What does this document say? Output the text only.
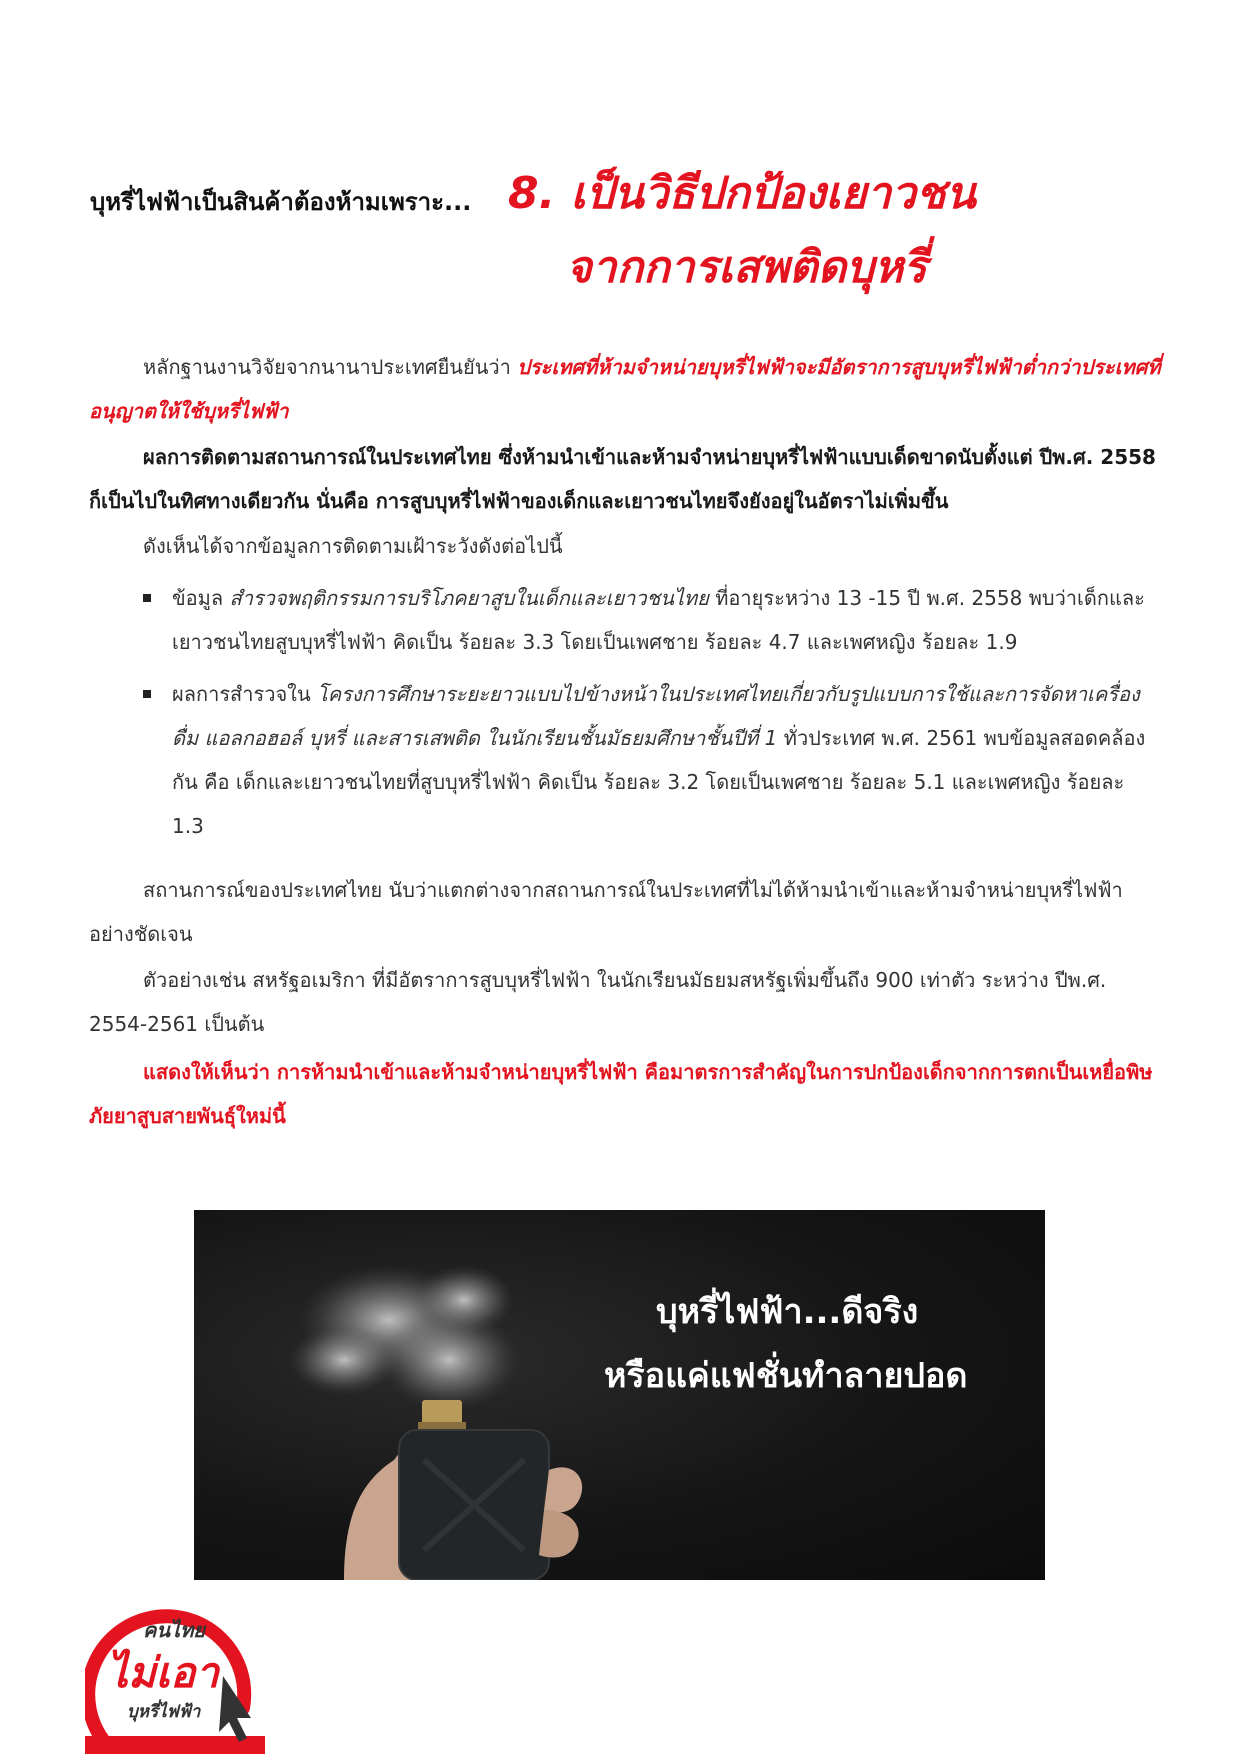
บุหรี่ไฟฟ้าเป็นสินค้าต้องห้ามเพราะ... 8. เป็นวิธีปกป้องเยาวชน
จากการเสพติดบุหรี่

หลักฐานงานวิจัยจากนานาประเทศยืนยันว่า ประเทศที่ห้ามจำหน่ายบุหรี่ไฟฟ้าจะมีอัตราการสูบบุหรี่ไฟฟ้าต่ำกว่าประเทศที่อนุญาตให้ใช้บุหรี่ไฟฟ้า

ผลการติดตามสถานการณ์ในประเทศไทย ซึ่งห้ามนำเข้าและห้ามจำหน่ายบุหรี่ไฟฟ้าแบบเด็ดขาดนับตั้งแต่ ปีพ.ศ. 2558 ก็เป็นไปในทิศทางเดียวกัน นั่นคือ การสูบบุหรี่ไฟฟ้าของเด็กและเยาวชนไทยจึงยังอยู่ในอัตราไม่เพิ่มขึ้น

ดังเห็นได้จากข้อมูลการติดตามเฝ้าระวังดังต่อไปนี้

ข้อมูล สำรวจพฤติกรรมการบริโภคยาสูบในเด็กและเยาวชนไทย ที่อายุระหว่าง 13 -15 ปี พ.ศ. 2558 พบว่าเด็กและเยาวชนไทยสูบบุหรี่ไฟฟ้า คิดเป็น ร้อยละ 3.3 โดยเป็นเพศชาย ร้อยละ 4.7 และเพศหญิง ร้อยละ 1.9
ผลการสำรวจใน โครงการศึกษาระยะยาวแบบไปข้างหน้าในประเทศไทยเกี่ยวกับรูปแบบการใช้และการจัดหาเครื่องดื่ม แอลกอฮอล์ บุหรี่ และสารเสพติด ในนักเรียนชั้นมัธยมศึกษาชั้นปีที่ 1 ทั่วประเทศ พ.ศ. 2561 พบข้อมูลสอดคล้องกัน คือ เด็กและเยาวชนไทยที่สูบบุหรี่ไฟฟ้า คิดเป็น ร้อยละ 3.2 โดยเป็นเพศชาย ร้อยละ 5.1 และเพศหญิง ร้อยละ 1.3

สถานการณ์ของประเทศไทย นับว่าแตกต่างจากสถานการณ์ในประเทศที่ไม่ได้ห้ามนำเข้าและห้ามจำหน่ายบุหรี่ไฟฟ้าอย่างชัดเจน

ตัวอย่างเช่น สหรัฐอเมริกา ที่มีอัตราการสูบบุหรี่ไฟฟ้า ในนักเรียนมัธยมสหรัฐเพิ่มขึ้นถึง 900 เท่าตัว ระหว่าง ปีพ.ศ. 2554-2561 เป็นต้น

แสดงให้เห็นว่า การห้ามนำเข้าและห้ามจำหน่ายบุหรี่ไฟฟ้า คือมาตรการสำคัญในการปกป้องเด็กจากการตกเป็นเหยื่อพิษภัยยาสูบสายพันธุ์ใหม่นี้

บุหรี่ไฟฟ้า...ดีจริง
หรือแค่แฟชั่นทำลายปอด
คนไทย
ไม่เอา
บุหรี่ไฟฟ้า
